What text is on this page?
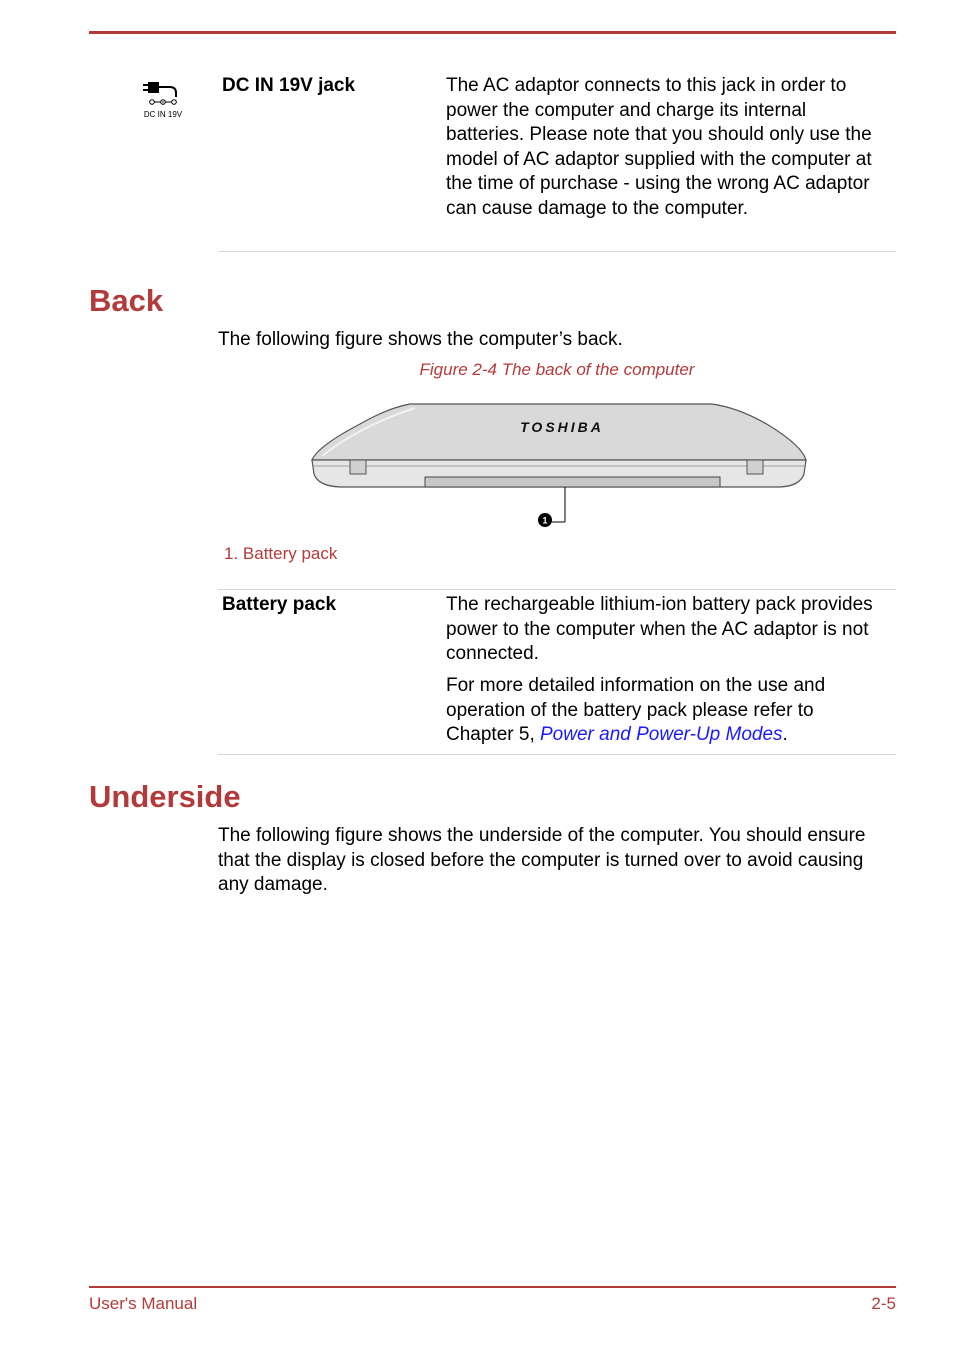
DC IN 19V
DC IN 19V jack	The AC adaptor connects to this jack in order to power the computer and charge its internal batteries. Please note that you should only use the model of AC adaptor supplied with the computer at the time of purchase - using the wrong AC adaptor can cause damage to the computer.

Back

The following figure shows the computer’s back.

Figure 2-4 The back of the computer
1
TOSHIBA
1. Battery pack
Battery pack	The rechargeable lithium-ion battery pack provides power to the computer when the AC adaptor is not connected.

For more detailed information on the use and operation of the battery pack please refer to Chapter 5, Power and Power-Up Modes.

Underside

The following figure shows the underside of the computer. You should ensure that the display is closed before the computer is turned over to avoid causing any damage.

User's Manual	2-5
